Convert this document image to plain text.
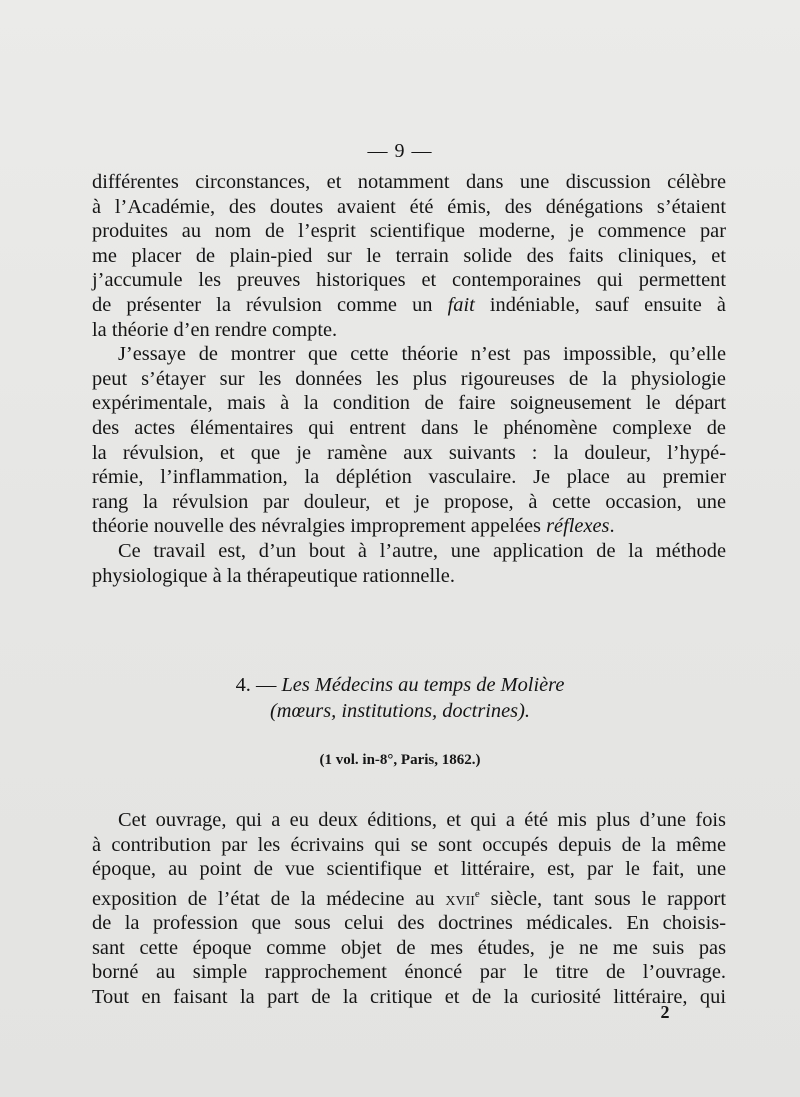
— 9 —
différentes circonstances, et notamment dans une discussion célèbre
à l’Académie, des doutes avaient été émis, des dénégations s’étaient
produites au nom de l’esprit scientifique moderne, je commence par
me placer de plain-pied sur le terrain solide des faits cliniques, et
j’accumule les preuves historiques et contemporaines qui permettent
de présenter la révulsion comme un fait indéniable, sauf ensuite à
la théorie d’en rendre compte.
J’essaye de montrer que cette théorie n’est pas impossible, qu’elle
peut s’étayer sur les données les plus rigoureuses de la physiologie
expérimentale, mais à la condition de faire soigneusement le départ
des actes élémentaires qui entrent dans le phénomène complexe de
la révulsion, et que je ramène aux suivants : la douleur, l’hypé-
rémie, l’inflammation, la déplétion vasculaire. Je place au premier
rang la révulsion par douleur, et je propose, à cette occasion, une
théorie nouvelle des névralgies improprement appelées réflexes.
Ce travail est, d’un bout à l’autre, une application de la méthode
physiologique à la thérapeutique rationnelle.
4. — Les Médecins au temps de Molière
(mœurs, institutions, doctrines).
(1 vol. in-8°, Paris, 1862.)
Cet ouvrage, qui a eu deux éditions, et qui a été mis plus d’une fois
à contribution par les écrivains qui se sont occupés depuis de la même
époque, au point de vue scientifique et littéraire, est, par le fait, une
exposition de l’état de la médecine au xvii$^e$ siècle, tant sous le rapport
de la profession que sous celui des doctrines médicales. En choisis-
sant cette époque comme objet de mes études, je ne me suis pas
borné au simple rapprochement énoncé par le titre de l’ouvrage.
Tout en faisant la part de la critique et de la curiosité littéraire, qui
2
